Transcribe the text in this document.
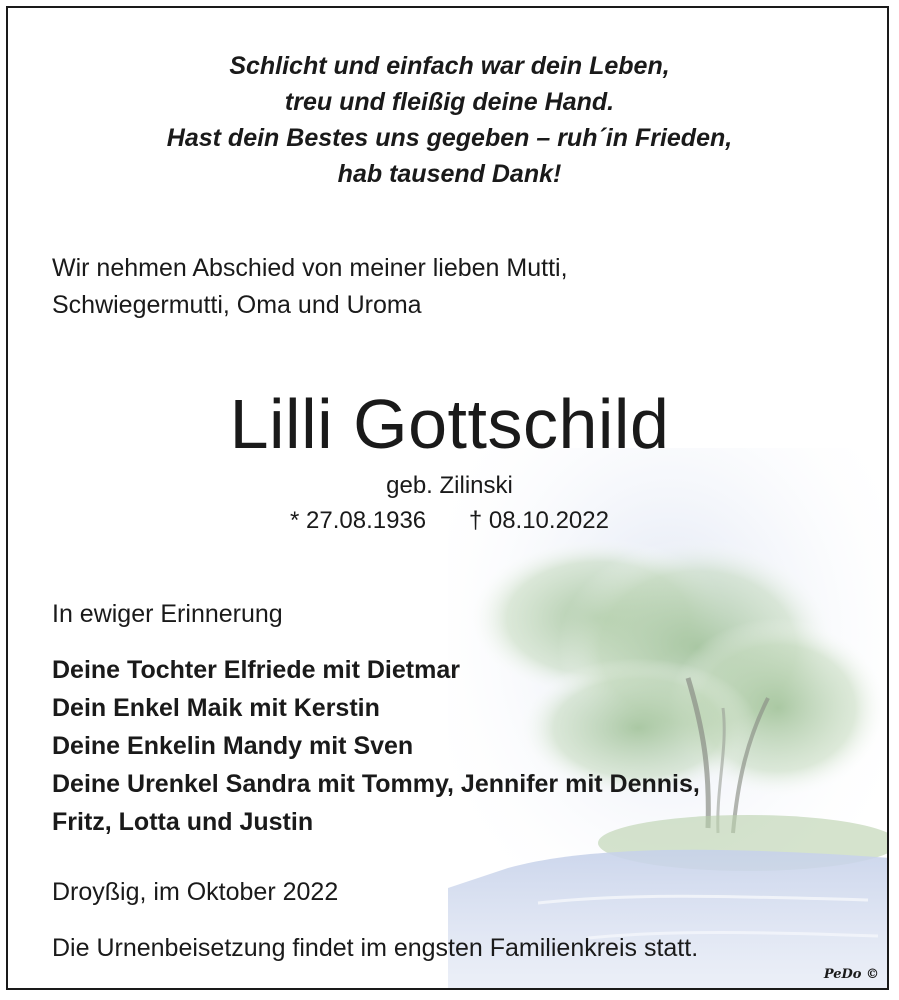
Schlicht und einfach war dein Leben,
treu und fleißig deine Hand.
Hast dein Bestes uns gegeben – ruh´in Frieden,
hab tausend Dank!
Wir nehmen Abschied von meiner lieben Mutti,
Schwiegermutti, Oma und Uroma
Lilli Gottschild
geb. Zilinski
* 27.08.1936 † 08.10.2022
In ewiger Erinnerung
Deine Tochter Elfriede mit Dietmar
Dein Enkel Maik mit Kerstin
Deine Enkelin Mandy mit Sven
Deine Urenkel Sandra mit Tommy, Jennifer mit Dennis,
Fritz, Lotta und Justin
Droyßig, im Oktober 2022
Die Urnenbeisetzung findet im engsten Familienkreis statt.
PeDo ©
